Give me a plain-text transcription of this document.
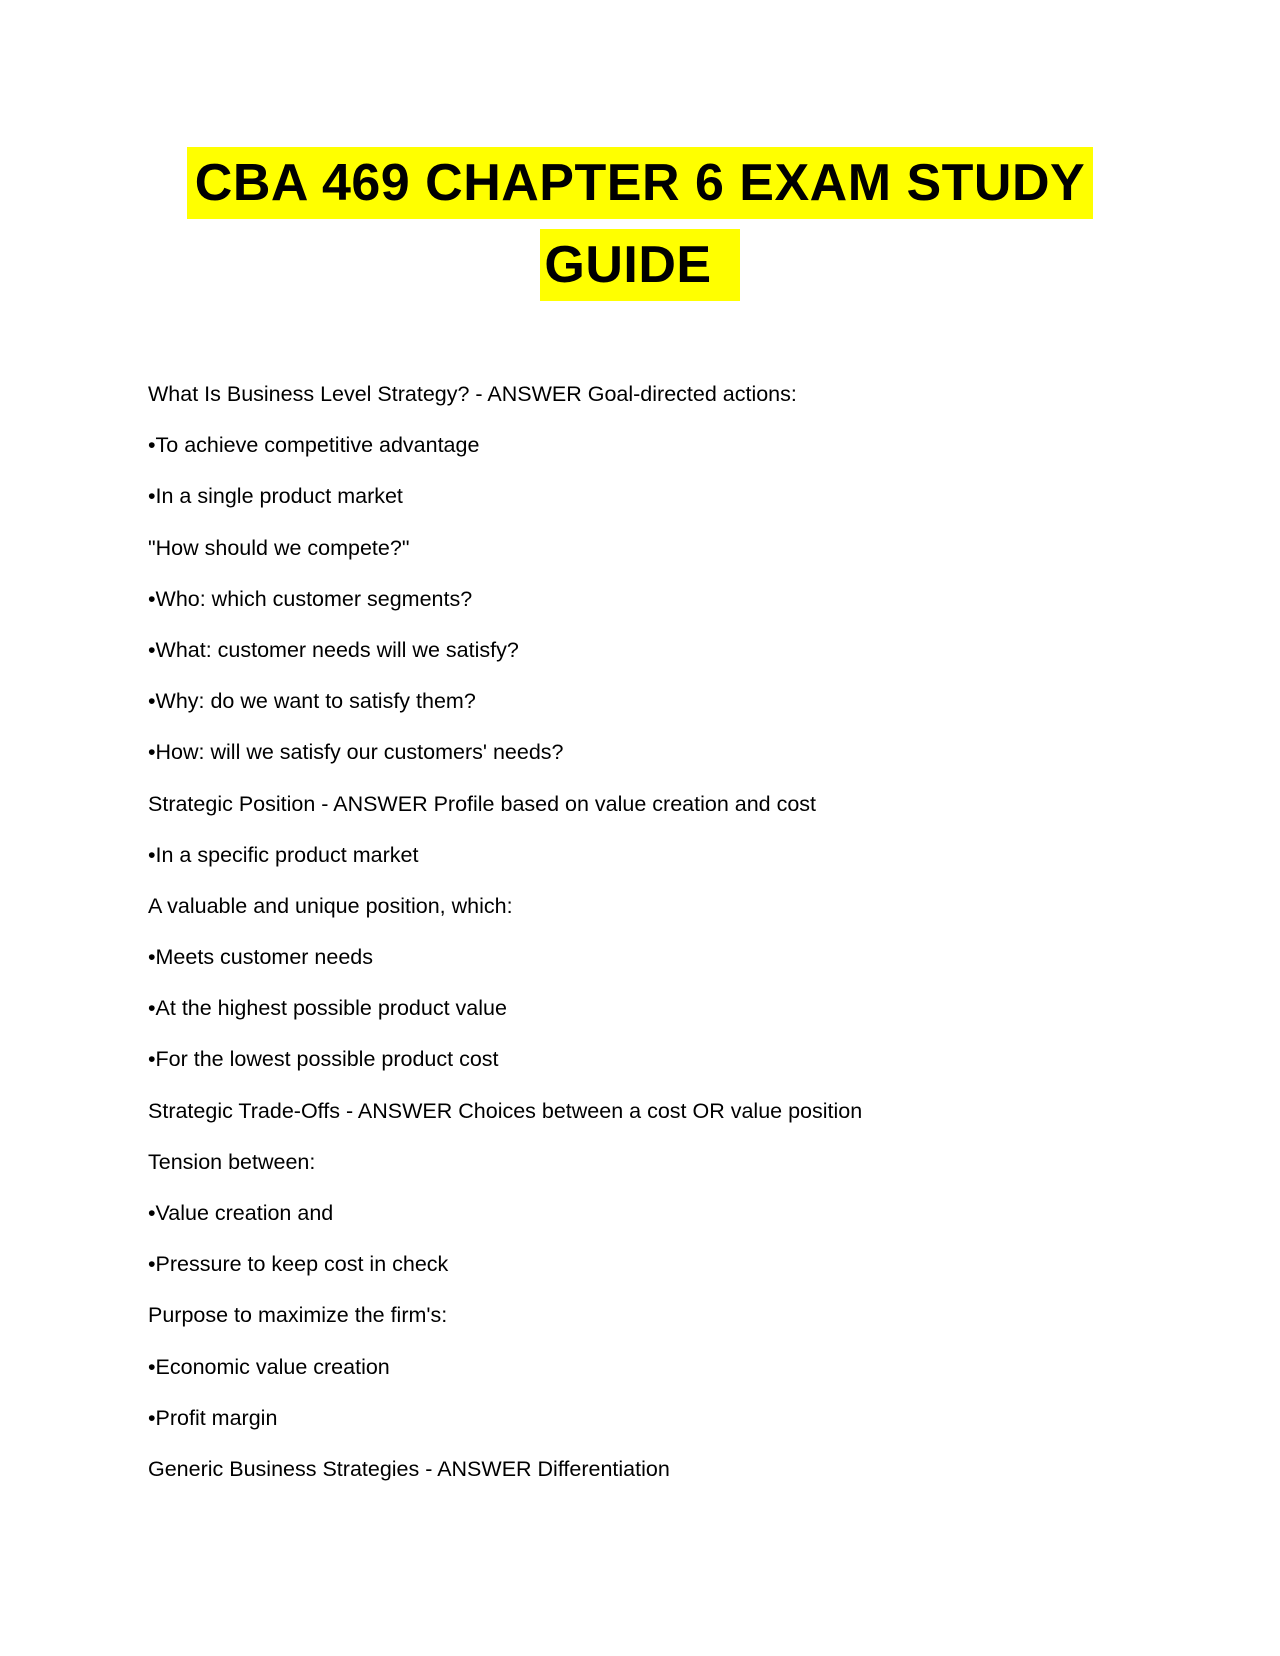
CBA 469 CHAPTER 6 EXAM STUDY
GUIDE
What Is Business Level Strategy? - ANSWER Goal-directed actions:
•To achieve competitive advantage
•In a single product market
"How should we compete?"
•Who: which customer segments?
•What: customer needs will we satisfy?
•Why: do we want to satisfy them?
•How: will we satisfy our customers' needs?
Strategic Position - ANSWER Profile based on value creation and cost
•In a specific product market
A valuable and unique position, which:
•Meets customer needs
•At the highest possible product value
•For the lowest possible product cost
Strategic Trade-Offs - ANSWER Choices between a cost OR value position
Tension between:
•Value creation and
•Pressure to keep cost in check
Purpose to maximize the firm's:
•Economic value creation
•Profit margin
Generic Business Strategies - ANSWER Differentiation
